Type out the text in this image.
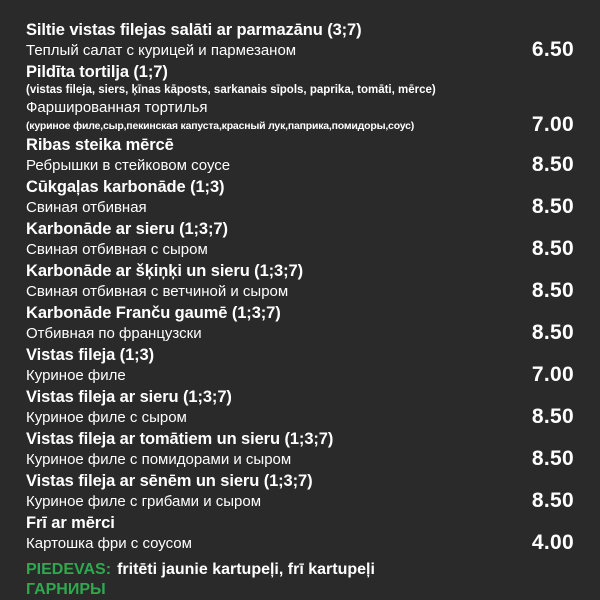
Siltie vistas filejas salāti ar parmazānu (3;7)
Теплый салат с курицей и пармезаном	6.50
Pildīta tortilja (1;7)
(vistas fileja, siers, ķīnas kāposts, sarkanais sīpols, paprika, tomāti, mērce)
Фаршированная тортилья
(куриное филе,сыр,пекинская капуста,красный лук,паприка,помидоры,соус)	7.00
Ribas steika mērcē
Ребрышки в стейковом соусе	8.50
Cūkgaļas karbonāde (1;3)
Свиная отбивная	8.50
Karbonāde ar sieru (1;3;7)
Свиная отбивная с сыром	8.50
Karbonāde ar šķiņķi un sieru (1;3;7)
Свиная отбивная с ветчиной и сыром	8.50
Karbonāde Franču gaumē (1;3;7)
Отбивная по французски	8.50
Vistas fileja (1;3)
Куриное филе	7.00
Vistas fileja ar sieru (1;3;7)
Куриное филе с сыром	8.50
Vistas fileja ar tomātiem un sieru (1;3;7)
Куриное филе с помидорами и сыром	8.50
Vistas fileja ar sēnēm un sieru (1;3;7)
Куриное филе с грибами и сыром	8.50
Frī ar mērci
Картошка фри с соусом	4.00
PIEDEVAS: fritēti jaunie kartupeļi, frī kartupeļi
ГАРНИРЫ
